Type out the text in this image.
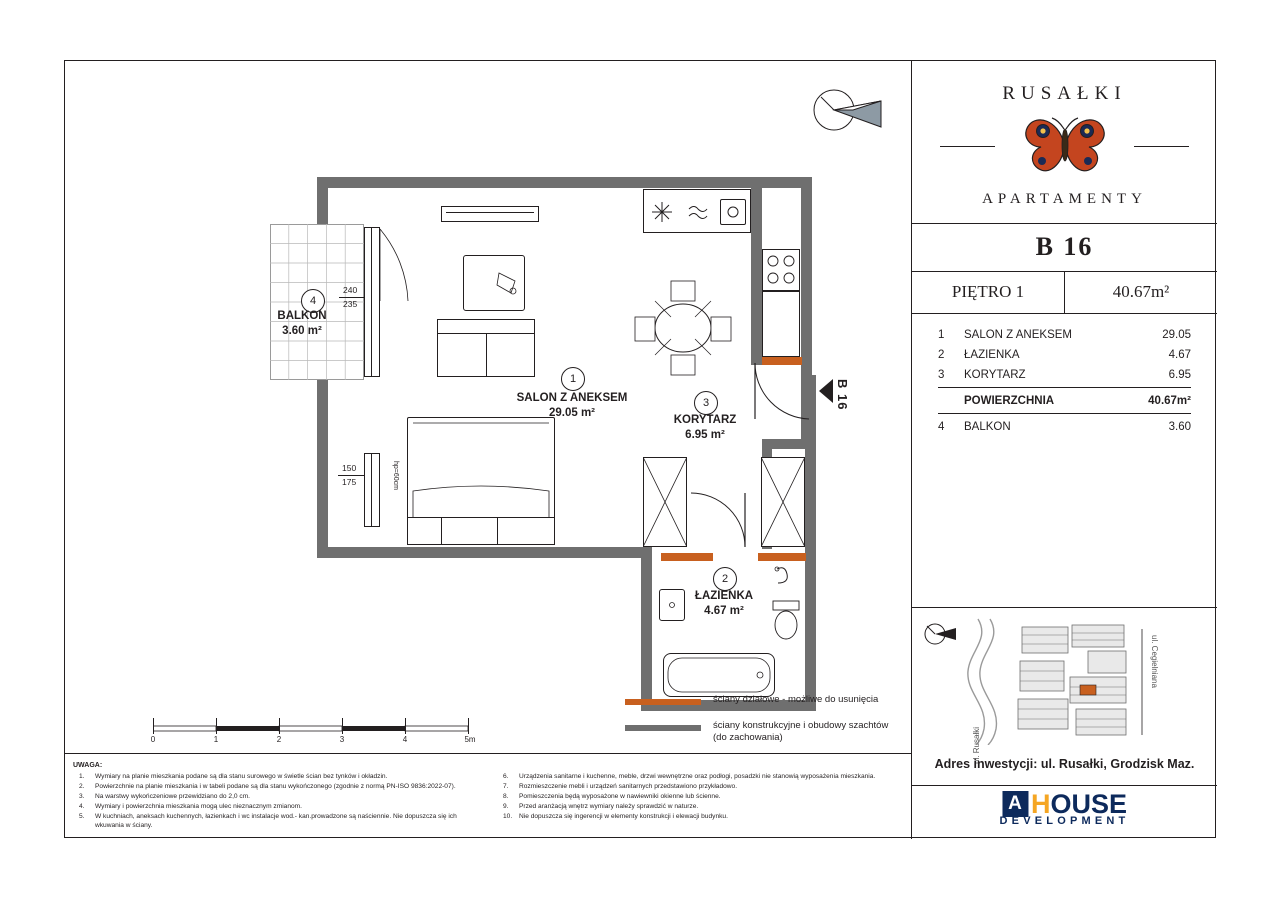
B 16
4
BALKON
3.60 m²
240
235
150
175	hp=60cm
1
SALON Z ANEKSEM
29.05 m²
3
KORYTARZ
6.95 m²
2
ŁAZIENKA
4.67 m²
ściany działowe - możliwe do usunięcia
ściany konstrukcyjne i obudowy szachtów
(do zachowania)
0	1	2	3	4	5m
UWAGA:
1. Wymiary na planie mieszkania podane są dla stanu surowego w świetle ścian bez tynków i okładzin.
2. Powierzchnie na planie mieszkania i w tabeli podane są dla stanu wykończonego (zgodnie z normą PN-ISO 9836:2022-07).
3. Na warstwy wykończeniowe przewidziano do 2,0 cm.
4. Wymiary i powierzchnia mieszkania mogą ulec nieznacznym zmianom.
5. W kuchniach, aneksach kuchennych, łazienkach i wc instalacje wod.- kan.prowadzone są naściennie. Nie dopuszcza się ich wkuwania w ściany.
6. Urządzenia sanitarne i kuchenne, meble, drzwi wewnętrzne oraz podłogi, posadzki nie stanowią wyposażenia mieszkania.
7. Rozmieszczenie mebli i urządzeń sanitarnych przedstawiono przykładowo.
8. Pomieszczenia będą wyposażone w nawiewniki okienne lub ścienne.
9. Przed aranżacją wnętrz wymiary należy sprawdzić w naturze.
10. Nie dopuszcza się ingerencji w elementy konstrukcji i elewacji budynku.
RUSAŁKI
APARTAMENTY
B 16
PIĘTRO 1	40.67m²
1	SALON Z ANEKSEM	29.05
2	ŁAZIENKA	4.67
3	KORYTARZ	6.95
POWIERZCHNIA	40.67m²
4	BALKON	3.60
ul. Rusałki
ul. Cegielniana
Adres inwestycji: ul. Rusałki, Grodzisk Maz.
A HOUSE
DEVELOPMENT
